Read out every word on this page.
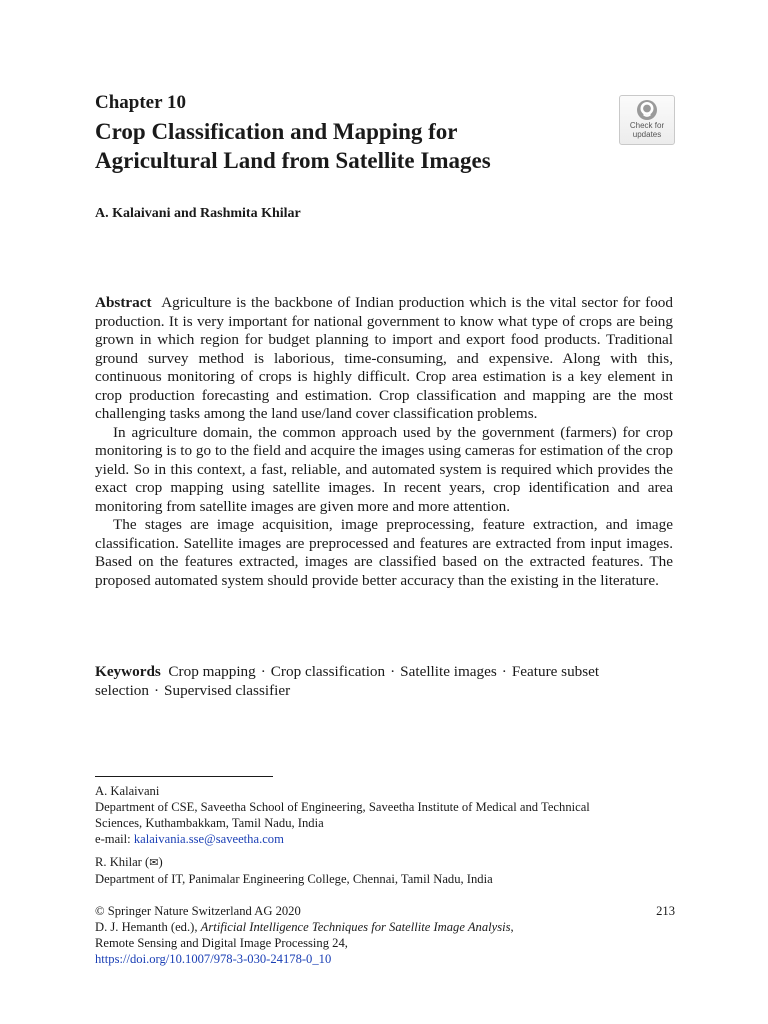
Chapter 10
Crop Classification and Mapping for
Agricultural Land from Satellite Images
Check for
updates
A. Kalaivani and Rashmita Khilar

Abstract Agriculture is the backbone of Indian production which is the vital sector for food production. It is very important for national government to know what type of crops are being grown in which region for budget planning to import and export food products. Traditional ground survey method is laborious, time-consuming, and expensive. Along with this, continuous monitoring of crops is highly difficult. Crop area estimation is a key element in crop production forecasting and estimation. Crop classification and mapping are the most challenging tasks among the land use/land cover classification problems.

In agriculture domain, the common approach used by the government (farmers) for crop monitoring is to go to the field and acquire the images using cameras for estimation of the crop yield. So in this context, a fast, reliable, and automated system is required which provides the exact crop mapping using satellite images. In recent years, crop identification and area monitoring from satellite images are given more and more attention.

The stages are image acquisition, image preprocessing, feature extraction, and image classification. Satellite images are preprocessed and features are extracted from input images. Based on the features extracted, images are classified based on the extracted features. The proposed automated system should provide better accuracy than the existing in the literature.

Keywords Crop mapping · Crop classification · Satellite images · Feature subset selection · Supervised classifier
A. Kalaivani
Department of CSE, Saveetha School of Engineering, Saveetha Institute of Medical and Technical
Sciences, Kuthambakkam, Tamil Nadu, India
e-mail: kalaivania.sse@saveetha.com
R. Khilar (✉)
Department of IT, Panimalar Engineering College, Chennai, Tamil Nadu, India
213
© Springer Nature Switzerland AG 2020
D. J. Hemanth (ed.), Artificial Intelligence Techniques for Satellite Image Analysis,
Remote Sensing and Digital Image Processing 24,
https://doi.org/10.1007/978-3-030-24178-0_10
